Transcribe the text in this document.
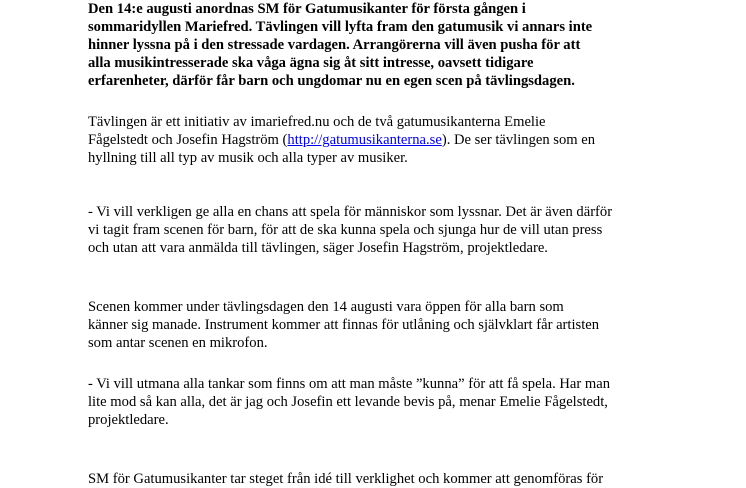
Den 14:e augusti anordnas SM för Gatumusikanter för första gången i
sommaridyllen Mariefred. Tävlingen vill lyfta fram den gatumusik vi annars inte
hinner lyssna på i den stressade vardagen. Arrangörerna vill även pusha för att
alla musikintresserade ska våga ägna sig åt sitt intresse, oavsett tidigare
erfarenheter, därför får barn och ungdomar nu en egen scen på tävlingsdagen.

Tävlingen är ett initiativ av imariefred.nu och de två gatumusikanterna Emelie
Fågelstedt och Josefin Hagström (http://gatumusikanterna.se). De ser tävlingen som en
hyllning till all typ av musik och alla typer av musiker.

- Vi vill verkligen ge alla en chans att spela för människor som lyssnar. Det är även därför
vi tagit fram scenen för barn, för att de ska kunna spela och sjunga hur de vill utan press
och utan att vara anmälda till tävlingen, säger Josefin Hagström, projektledare.

Scenen kommer under tävlingsdagen den 14 augusti vara öppen för alla barn som
känner sig manade. Instrument kommer att finnas för utlåning och självklart får artisten
som antar scenen en mikrofon.

- Vi vill utmana alla tankar som finns om att man måste ”kunna” för att få spela. Har man
lite mod så kan alla, det är jag och Josefin ett levande bevis på, menar Emelie Fågelstedt,
projektledare.

SM för Gatumusikanter tar steget från idé till verklighet och kommer att genomföras för
